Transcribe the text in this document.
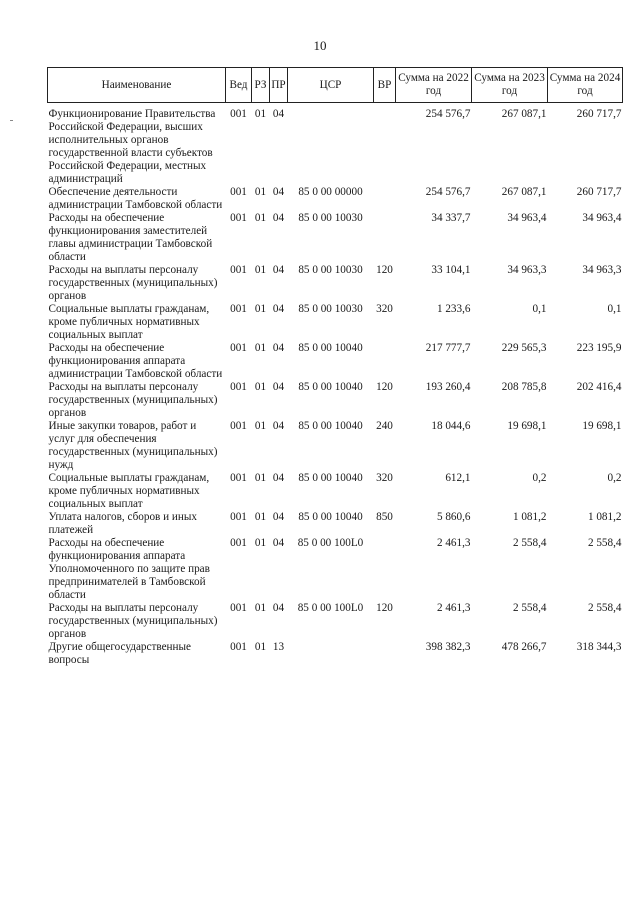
10
Наименование	Вед	РЗ	ПР	ЦСР	ВР	Сумма на 2022 год	Сумма на 2023 год	Сумма на 2024 год

Функционирование Правительства Российской Федерации, высших исполнительных органов государственной власти субъектов Российской Федерации, местных администраций	001	01	04			254 576,7	267 087,1	260 717,7
Обеспечение деятельности администрации Тамбовской области	001	01	04	85 0 00 00000		254 576,7	267 087,1	260 717,7
Расходы на обеспечение функционирования заместителей главы администрации Тамбовской области	001	01	04	85 0 00 10030		34 337,7	34 963,4	34 963,4
Расходы на выплаты персоналу государственных (муниципальных) органов	001	01	04	85 0 00 10030	120	33 104,1	34 963,3	34 963,3
Социальные выплаты гражданам, кроме публичных нормативных социальных выплат	001	01	04	85 0 00 10030	320	1 233,6	0,1	0,1
Расходы на обеспечение функционирования аппарата администрации Тамбовской области	001	01	04	85 0 00 10040		217 777,7	229 565,3	223 195,9
Расходы на выплаты персоналу государственных (муниципальных) органов	001	01	04	85 0 00 10040	120	193 260,4	208 785,8	202 416,4
Иные закупки товаров, работ и услуг для обеспечения государственных (муниципальных) нужд	001	01	04	85 0 00 10040	240	18 044,6	19 698,1	19 698,1
Социальные выплаты гражданам, кроме публичных нормативных социальных выплат	001	01	04	85 0 00 10040	320	612,1	0,2	0,2
Уплата налогов, сборов и иных платежей	001	01	04	85 0 00 10040	850	5 860,6	1 081,2	1 081,2
Расходы на обеспечение функционирования аппарата Уполномоченного по защите прав предпринимателей в Тамбовской области	001	01	04	85 0 00 100L0		2 461,3	2 558,4	2 558,4
Расходы на выплаты персоналу государственных (муниципальных) органов	001	01	04	85 0 00 100L0	120	2 461,3	2 558,4	2 558,4
Другие общегосударственные вопросы	001	01	13			398 382,3	478 266,7	318 344,3
